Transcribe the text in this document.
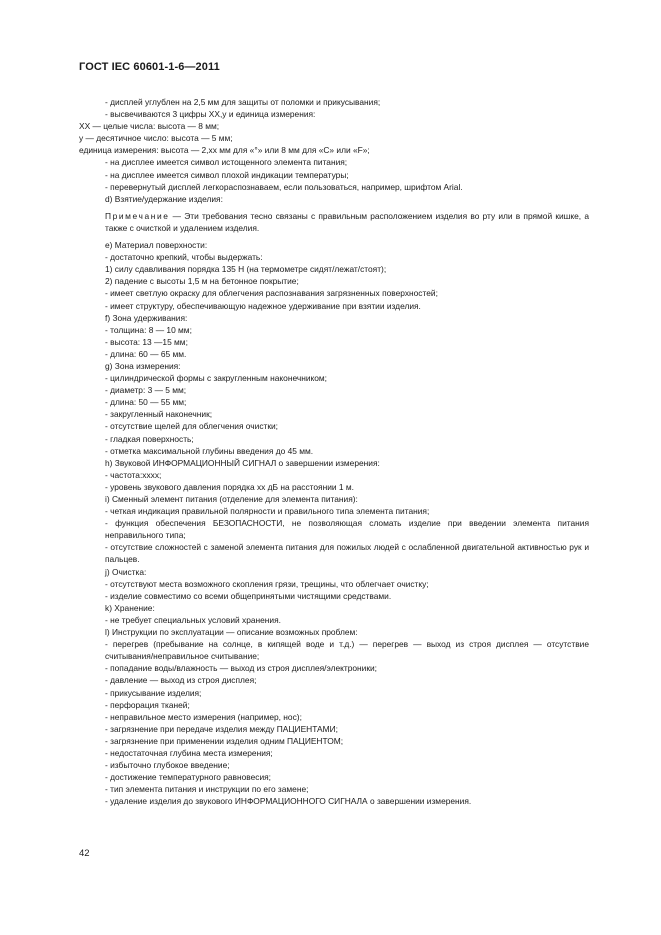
ГОСТ IEC 60601-1-6—2011
- дисплей углублен на 2,5 мм для защиты от поломки и прикусывания;
- высвечиваются 3 цифры XX,y и единица измерения:
XX — целые числа: высота — 8 мм;
y — десятичное число: высота — 5 мм;
единица измерения: высота — 2,xx мм для «°» или 8 мм для «С» или «F»;
- на дисплее имеется символ истощенного элемента питания;
- на дисплее имеется символ плохой индикации температуры;
- перевернутый дисплей легкораспознаваем, если пользоваться, например, шрифтом Arial.
d) Взятие/удержание изделия:
Примечание — Эти требования тесно связаны с правильным расположением изделия во рту или в прямой кишке, а также с очисткой и удалением изделия.
e) Материал поверхности:
- достаточно крепкий, чтобы выдержать:
1) силу сдавливания порядка 135 Н (на термометре сидят/лежат/стоят);
2) падение с высоты 1,5 м на бетонное покрытие;
- имеет светлую окраску для облегчения распознавания загрязненных поверхностей;
- имеет структуру, обеспечивающую надежное удерживание при взятии изделия.
f) Зона удерживания:
- толщина: 8 — 10 мм;
- высота: 13 —15 мм;
- длина: 60 — 65 мм.
g) Зона измерения:
- цилиндрической формы с закругленным наконечником;
- диаметр: 3 — 5 мм;
- длина: 50 — 55 мм;
- закругленный наконечник;
- отсутствие щелей для облегчения очистки;
- гладкая поверхность;
- отметка максимальной глубины введения до 45 мм.
h) Звуковой ИНФОРМАЦИОННЫЙ СИГНАЛ о завершении измерения:
- частота:xxxx;
- уровень звукового давления порядка xx дБ на расстоянии 1 м.
i) Сменный элемент питания (отделение для элемента питания):
- четкая индикация правильной полярности и правильного типа элемента питания;
- функция обеспечения БЕЗОПАСНОСТИ, не позволяющая сломать изделие при введении элемента питания неправильного типа;
- отсутствие сложностей с заменой элемента питания для пожилых людей с ослабленной двигательной активностью рук и пальцев.
j) Очистка:
- отсутствуют места возможного скопления грязи, трещины, что облегчает очистку;
- изделие совместимо со всеми общепринятыми чистящими средствами.
k) Хранение:
- не требует специальных условий хранения.
l) Инструкции по эксплуатации — описание возможных проблем:
- перегрев (пребывание на солнце, в кипящей воде и т.д.) — перегрев — выход из строя дисплея — отсутствие считывания/неправильное считывание;
- попадание воды/влажность — выход из строя дисплея/электроники;
- давление — выход из строя дисплея;
- прикусывание изделия;
- перфорация тканей;
- неправильное место измерения (например, нос);
- загрязнение при передаче изделия между ПАЦИЕНТАМИ;
- загрязнение при применении изделия одним ПАЦИЕНТОМ;
- недостаточная глубина места измерения;
- избыточно глубокое введение;
- достижение температурного равновесия;
- тип элемента питания и инструкции по его замене;
- удаление изделия до звукового ИНФОРМАЦИОННОГО СИГНАЛА о завершении измерения.
42
